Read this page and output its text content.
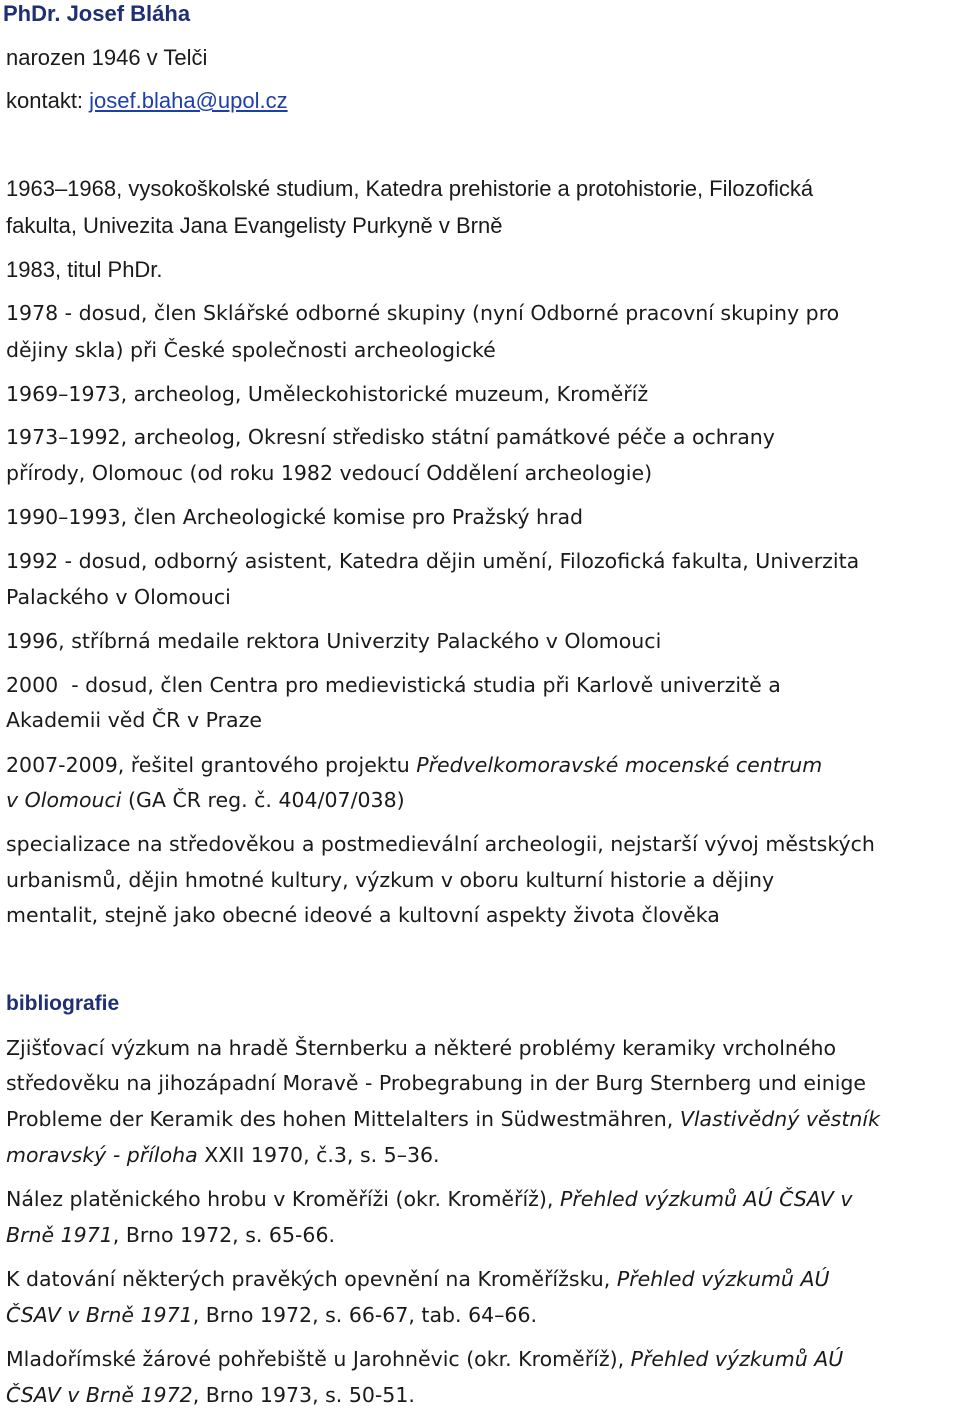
PhDr. Josef Bláha
narozen 1946 v Telči
kontakt: josef.blaha@upol.cz
1963–1968, vysokoškolské studium, Katedra prehistorie a protohistorie, Filozofická
fakulta, Univezita Jana Evangelisty Purkyně v Brně
1983, titul PhDr.
1978 - dosud, člen Sklářské odborné skupiny (nyní Odborné pracovní skupiny pro
dějiny skla) při České společnosti archeologické
1969–1973, archeolog, Uměleckohistorické muzeum, Kroměříž
1973–1992, archeolog, Okresní středisko státní památkové péče a ochrany
přírody, Olomouc (od roku 1982 vedoucí Oddělení archeologie)
1990–1993, člen Archeologické komise pro Pražský hrad
1992 - dosud, odborný asistent, Katedra dějin umění, Filozofická fakulta, Univerzita
Palackého v Olomouci
1996, stříbrná medaile rektora Univerzity Palackého v Olomouci
2000  - dosud, člen Centra pro medievistická studia při Karlově univerzitě a
Akademii věd ČR v Praze
2007-2009, řešitel grantového projektu Předvelkomoravské mocenské centrum
v Olomouci (GA ČR reg. č. 404/07/038)
specializace na středověkou a postmedievální archeologii, nejstarší vývoj městských
urbanismů, dějin hmotné kultury, výzkum v oboru kulturní historie a dějiny
mentalit, stejně jako obecné ideové a kultovní aspekty života člověka
bibliografie
Zjišťovací výzkum na hradě Šternberku a některé problémy keramiky vrcholného
středověku na jihozápadní Moravě - Probegrabung in der Burg Sternberg und einige
Probleme der Keramik des hohen Mittelalters in Südwestmähren, Vlastivědný věstník
moravský - příloha XXII 1970, č.3, s. 5–36.
Nález platěnického hrobu v Kroměříži (okr. Kroměříž), Přehled výzkumů AÚ ČSAV v
Brně 1971, Brno 1972, s. 65-66.
K datování některých pravěkých opevnění na Kroměřížsku, Přehled výzkumů AÚ
ČSAV v Brně 1971, Brno 1972, s. 66-67, tab. 64–66.
Mladořímské žárové pohřebiště u Jarohněvic (okr. Kroměříž), Přehled výzkumů AÚ
ČSAV v Brně 1972, Brno 1973, s. 50-51.
